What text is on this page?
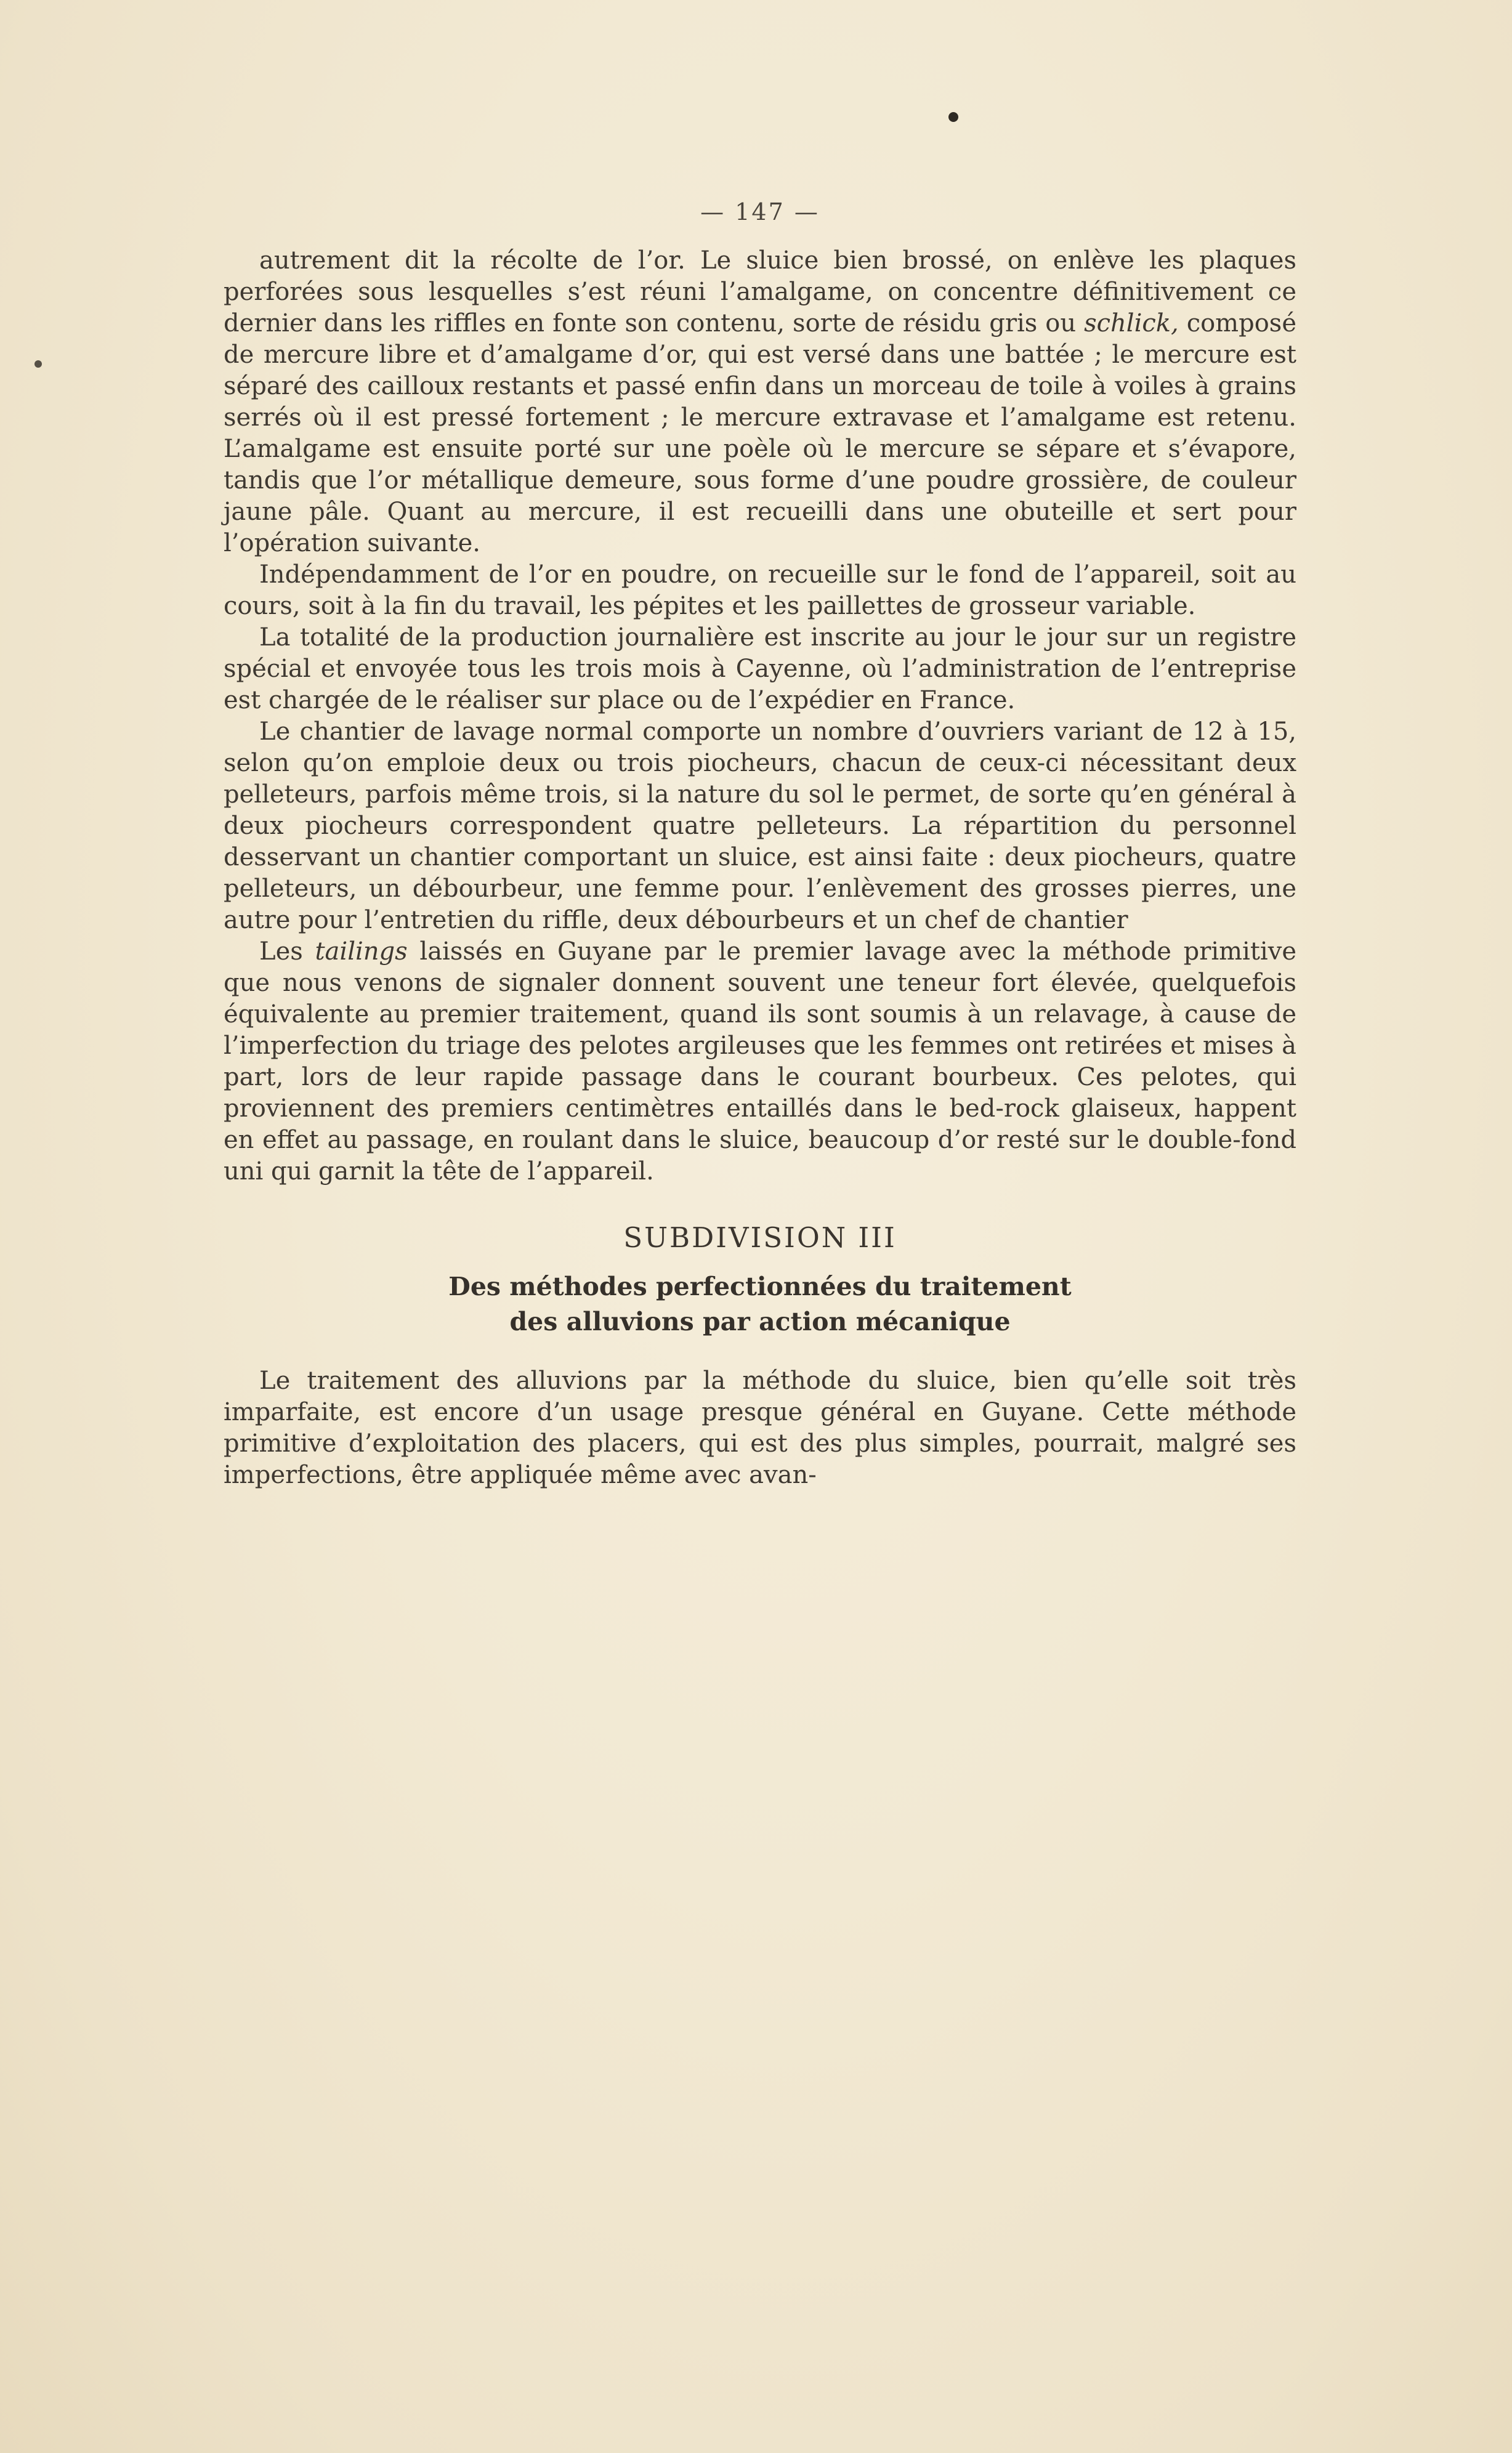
— 147 —

autrement dit la récolte de l’or. Le sluice bien brossé, on enlève les plaques perforées sous lesquelles s’est réuni l’amalgame, on concentre définitivement ce dernier dans les riffles en fonte son contenu, sorte de résidu gris ou schlick, composé de mercure libre et d’amalgame d’or, qui est versé dans une battée ; le mercure est séparé des cailloux restants et passé enfin dans un morceau de toile à voiles à grains serrés où il est pressé fortement ; le mercure extravase et l’amalgame est retenu. L’amalgame est ensuite porté sur une poèle où le mercure se sépare et s’évapore, tandis que l’or métallique demeure, sous forme d’une poudre grossière, de couleur jaune pâle. Quant au mercure, il est recueilli dans une obuteille et sert pour l’opération suivante.

Indépendamment de l’or en poudre, on recueille sur le fond de l’appareil, soit au cours, soit à la fin du travail, les pépites et les paillettes de grosseur variable.

La totalité de la production journalière est inscrite au jour le jour sur un registre spécial et envoyée tous les trois mois à Cayenne, où l’administration de l’entreprise est chargée de le réaliser sur place ou de l’expédier en France.

Le chantier de lavage normal comporte un nombre d’ouvriers variant de 12 à 15, selon qu’on emploie deux ou trois piocheurs, chacun de ceux-ci nécessitant deux pelleteurs, parfois même trois, si la nature du sol le permet, de sorte qu’en général à deux piocheurs correspondent quatre pelleteurs. La répartition du personnel desservant un chantier comportant un sluice, est ainsi faite : deux piocheurs, quatre pelleteurs, un débourbeur, une femme pour. l’enlèvement des grosses pierres, une autre pour l’entretien du riffle, deux débourbeurs et un chef de chantier

Les tailings laissés en Guyane par le premier lavage avec la méthode primitive que nous venons de signaler donnent souvent une teneur fort élevée, quelquefois équivalente au premier traitement, quand ils sont soumis à un relavage, à cause de l’imperfection du triage des pelotes argileuses que les femmes ont retirées et mises à part, lors de leur rapide passage dans le courant bourbeux. Ces pelotes, qui proviennent des premiers centimètres entaillés dans le bed-rock glaiseux, happent en effet au passage, en roulant dans le sluice, beaucoup d’or resté sur le double-fond uni qui garnit la tête de l’appareil.

SUBDIVISION III
Des méthodes perfectionnées du traitement
des alluvions par action mécanique

Le traitement des alluvions par la méthode du sluice, bien qu’elle soit très imparfaite, est encore d’un usage presque général en Guyane. Cette méthode primitive d’exploitation des placers, qui est des plus simples, pourrait, malgré ses imperfections, être appliquée même avec avan-
